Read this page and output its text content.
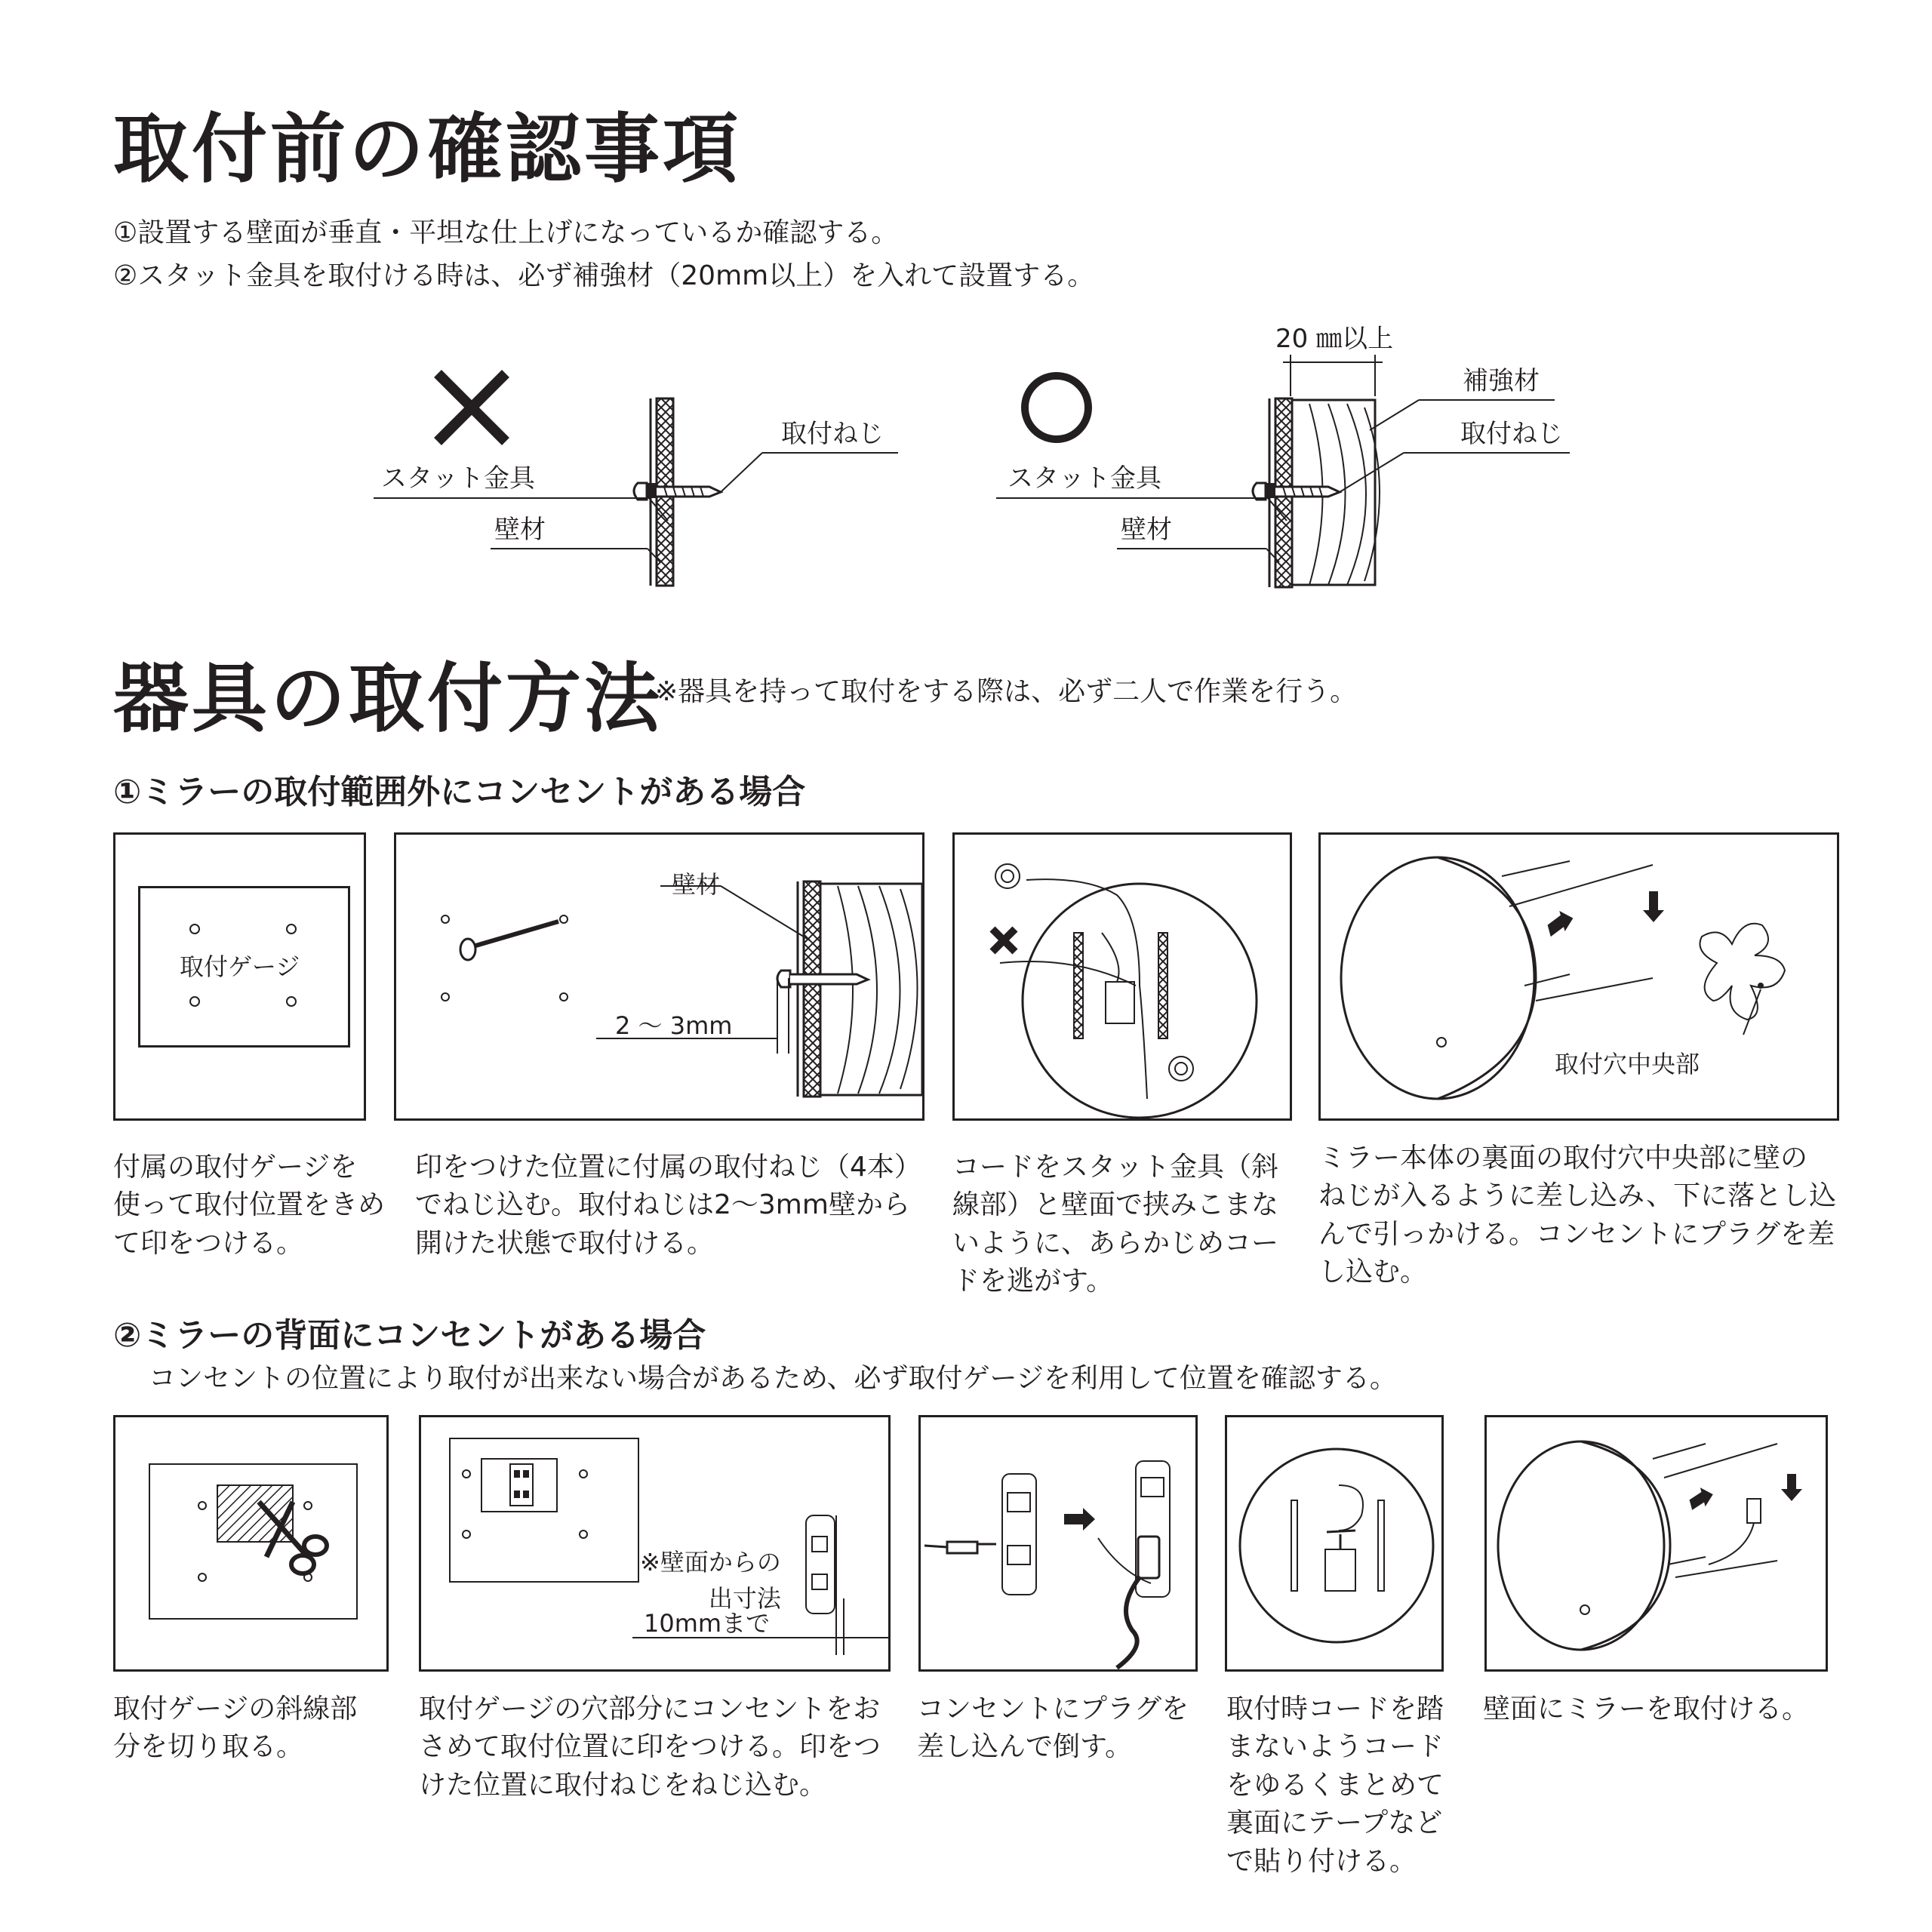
取付前の確認事項
①設置する壁面が垂直・平坦な仕上げになっているか確認する。
②スタット金具を取付ける時は、必ず補強材（20mm以上）を入れて設置する。
取付ねじ
スタット金具
壁材
20 ㎜以上
補強材
取付ねじ
スタット金具
壁材
器具の取付方法
※器具を持って取付をする際は、必ず二人で作業を行う。
①ミラーの取付範囲外にコンセントがある場合
取付ゲージ
壁材
2 ～ 3mm
取付穴中央部
付属の取付ゲージを
使って取付位置をきめ
て印をつける。
印をつけた位置に付属の取付ねじ（4本）
でねじ込む。取付ねじは2～3mm壁から
開けた状態で取付ける。
コードをスタット金具（斜
線部）と壁面で挟みこまな
いように、あらかじめコー
ドを逃がす。
ミラー本体の裏面の取付穴中央部に壁の
ねじが入るように差し込み、下に落とし込
んで引っかける。コンセントにプラグを差
し込む。
②ミラーの背面にコンセントがある場合
コンセントの位置により取付が出来ない場合があるため、必ず取付ゲージを利用して位置を確認する。
※壁面からの
出寸法
10mmまで
取付ゲージの斜線部
分を切り取る。
取付ゲージの穴部分にコンセントをお
さめて取付位置に印をつける。印をつ
けた位置に取付ねじをねじ込む。
コンセントにプラグを
差し込んで倒す。
取付時コードを踏
まないようコード
をゆるくまとめて
裏面にテープなど
で貼り付ける。
壁面にミラーを取付ける。
